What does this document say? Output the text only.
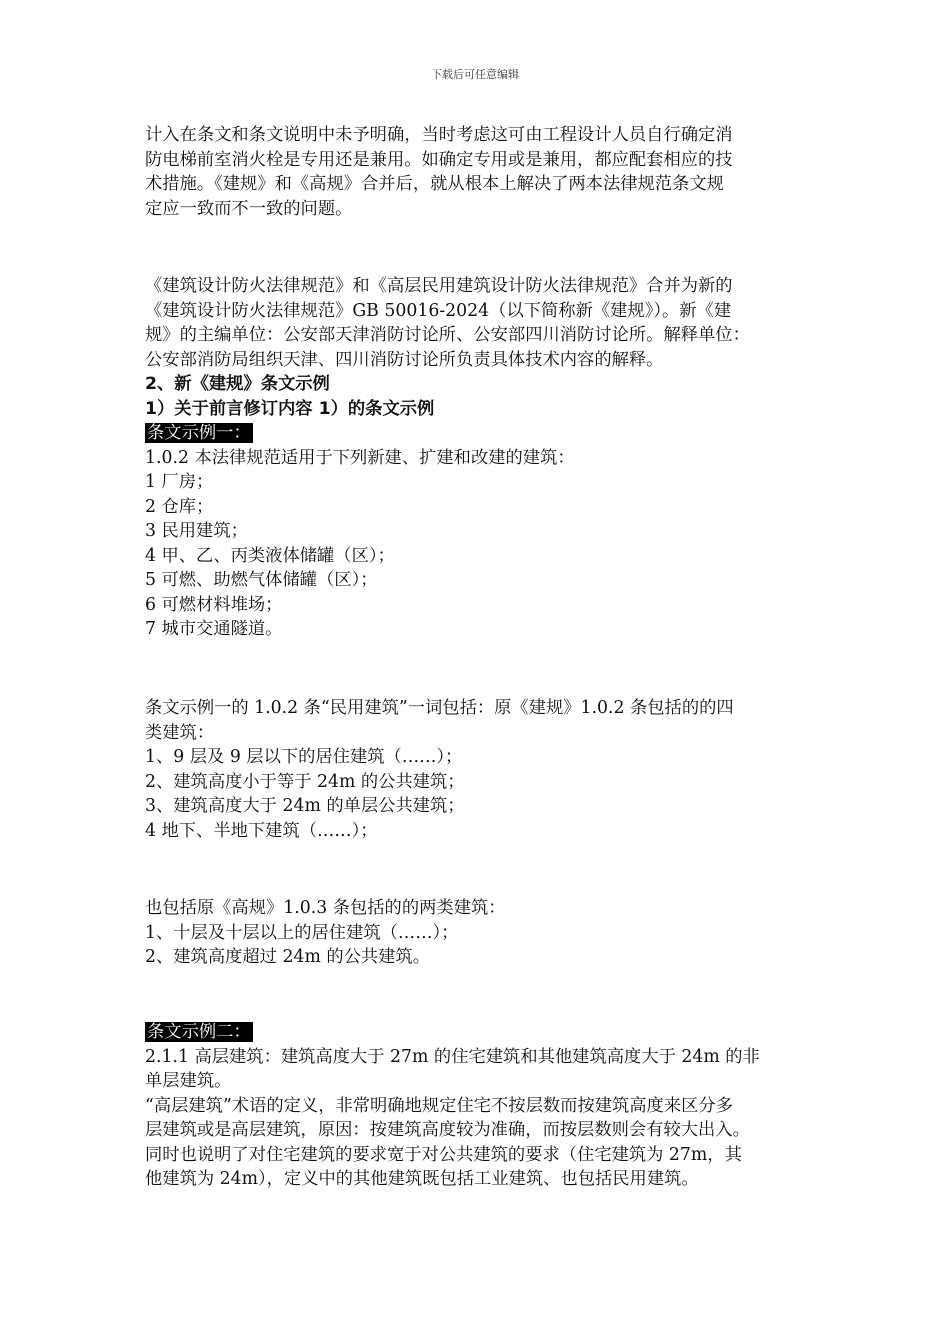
下载后可任意编辑
计入在条文和条文说明中未予明确，当时考虑这可由工程设计人员自行确定消
防电梯前室消火栓是专用还是兼用。如确定专用或是兼用，都应配套相应的技
术措施。《建规》和《高规》合并后，就从根本上解决了两本法律规范条文规
定应一致而不一致的问题。
《建筑设计防火法律规范》和《高层民用建筑设计防火法律规范》合并为新的
《建筑设计防火法律规范》GB 50016-2024（以下简称新《建规》）。新《建
规》的主编单位：公安部天津消防讨论所、公安部四川消防讨论所。解释单位：
公安部消防局组织天津、四川消防讨论所负责具体技术内容的解释。
2、新《建规》条文示例
1）关于前言修订内容 1）的条文示例
条文示例一：
1.0.2 本法律规范适用于下列新建、扩建和改建的建筑：
1 厂房；
2 仓库；
3 民用建筑；
4 甲、乙、丙类液体储罐（区）；
5 可燃、助燃气体储罐（区）；
6 可燃材料堆场；
7 城市交通隧道。
条文示例一的 1.0.2 条“民用建筑”一词包括：原《建规》1.0.2 条包括的的四
类建筑：
1、9 层及 9 层以下的居住建筑（……）；
2、建筑高度小于等于 24m 的公共建筑；
3、建筑高度大于 24m 的单层公共建筑；
4 地下、半地下建筑（……）；
也包括原《高规》1.0.3 条包括的的两类建筑：
1、十层及十层以上的居住建筑（……）；
2、建筑高度超过 24m 的公共建筑。
条文示例二：
2.1.1 高层建筑：建筑高度大于 27m 的住宅建筑和其他建筑高度大于 24m 的非
单层建筑。
“高层建筑”术语的定义，非常明确地规定住宅不按层数而按建筑高度来区分多
层建筑或是高层建筑，原因：按建筑高度较为准确，而按层数则会有较大出入。
同时也说明了对住宅建筑的要求宽于对公共建筑的要求（住宅建筑为 27m，其
他建筑为 24m），定义中的其他建筑既包括工业建筑、也包括民用建筑。
